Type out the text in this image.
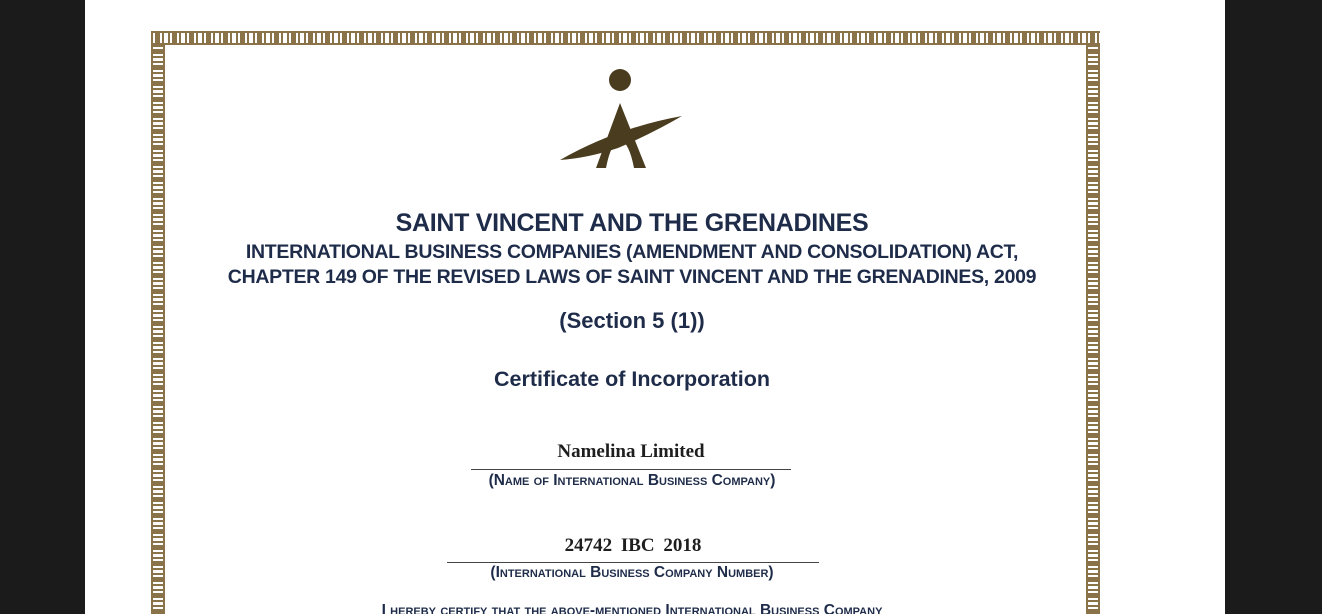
SAINT VINCENT AND THE GRENADINES
INTERNATIONAL BUSINESS COMPANIES (AMENDMENT AND CONSOLIDATION) ACT,
CHAPTER 149 OF THE REVISED LAWS OF SAINT VINCENT AND THE GRENADINES, 2009
(Section 5 (1))
Certificate of Incorporation
Namelina Limited
(Name of International Business Company)
24742 IBC 2018
(International Business Company Number)
I hereby certify that the above-mentioned International Business Company
